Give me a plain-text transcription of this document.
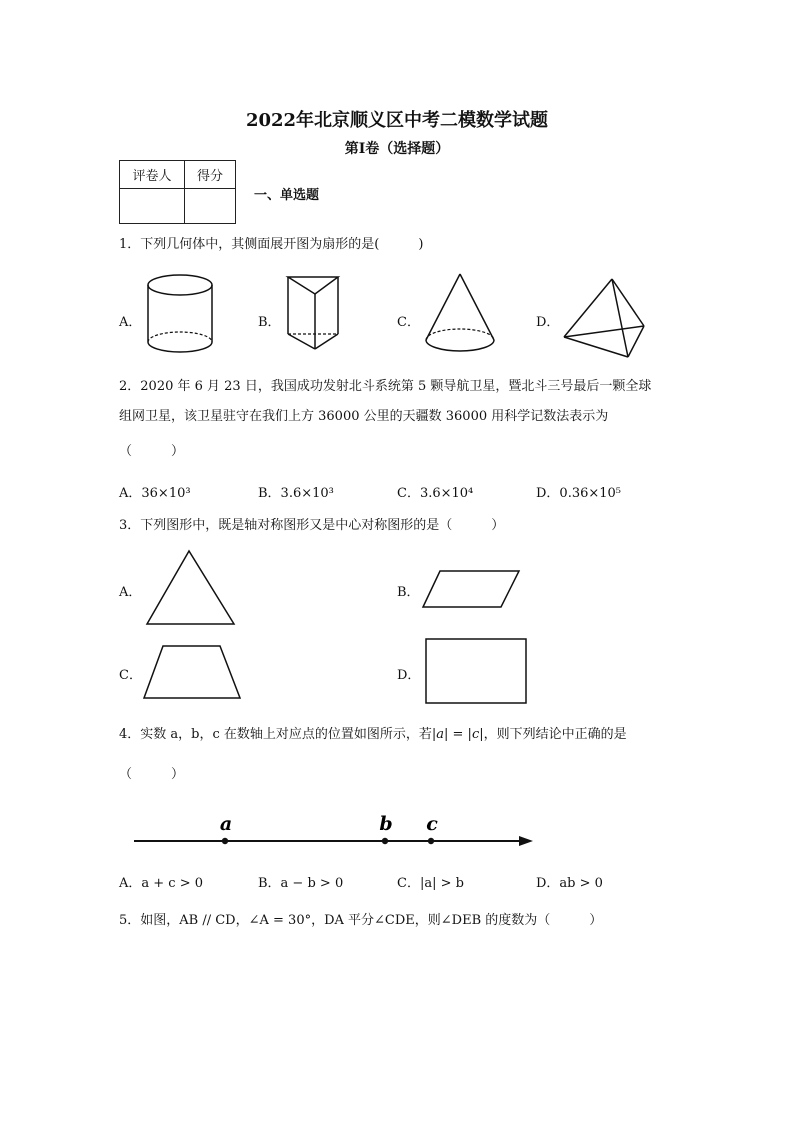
2022年北京顺义区中考二模数学试题
第I卷（选择题）
评卷人	得分

一、单选题
1．下列几何体中，其侧面展开图为扇形的是(　　　)
A．	B．	C．	D．
2．2020 年 6 月 23 日，我国成功发射北斗系统第 5 颗导航卫星，暨北斗三号最后一颗全球
组网卫星，该卫星驻守在我们上方 36000 公里的天疆数 36000 用科学记数法表示为
（　　　）
A．36×10³	B．3.6×10³	C．3.6×10⁴	D．0.36×10⁵
3．下列图形中，既是轴对称图形又是中心对称图形的是（　　　）
A．	B．
C．	D．
4．实数 a，b，c 在数轴上对应点的位置如图所示，若|a| = |c|，则下列结论中正确的是
（　　　）
a	b c
A．a + c > 0	B．a − b > 0	C．|a| > b	D．ab > 0
5．如图，AB // CD，∠A = 30°，DA 平分∠CDE，则∠DEB 的度数为（　　　）
